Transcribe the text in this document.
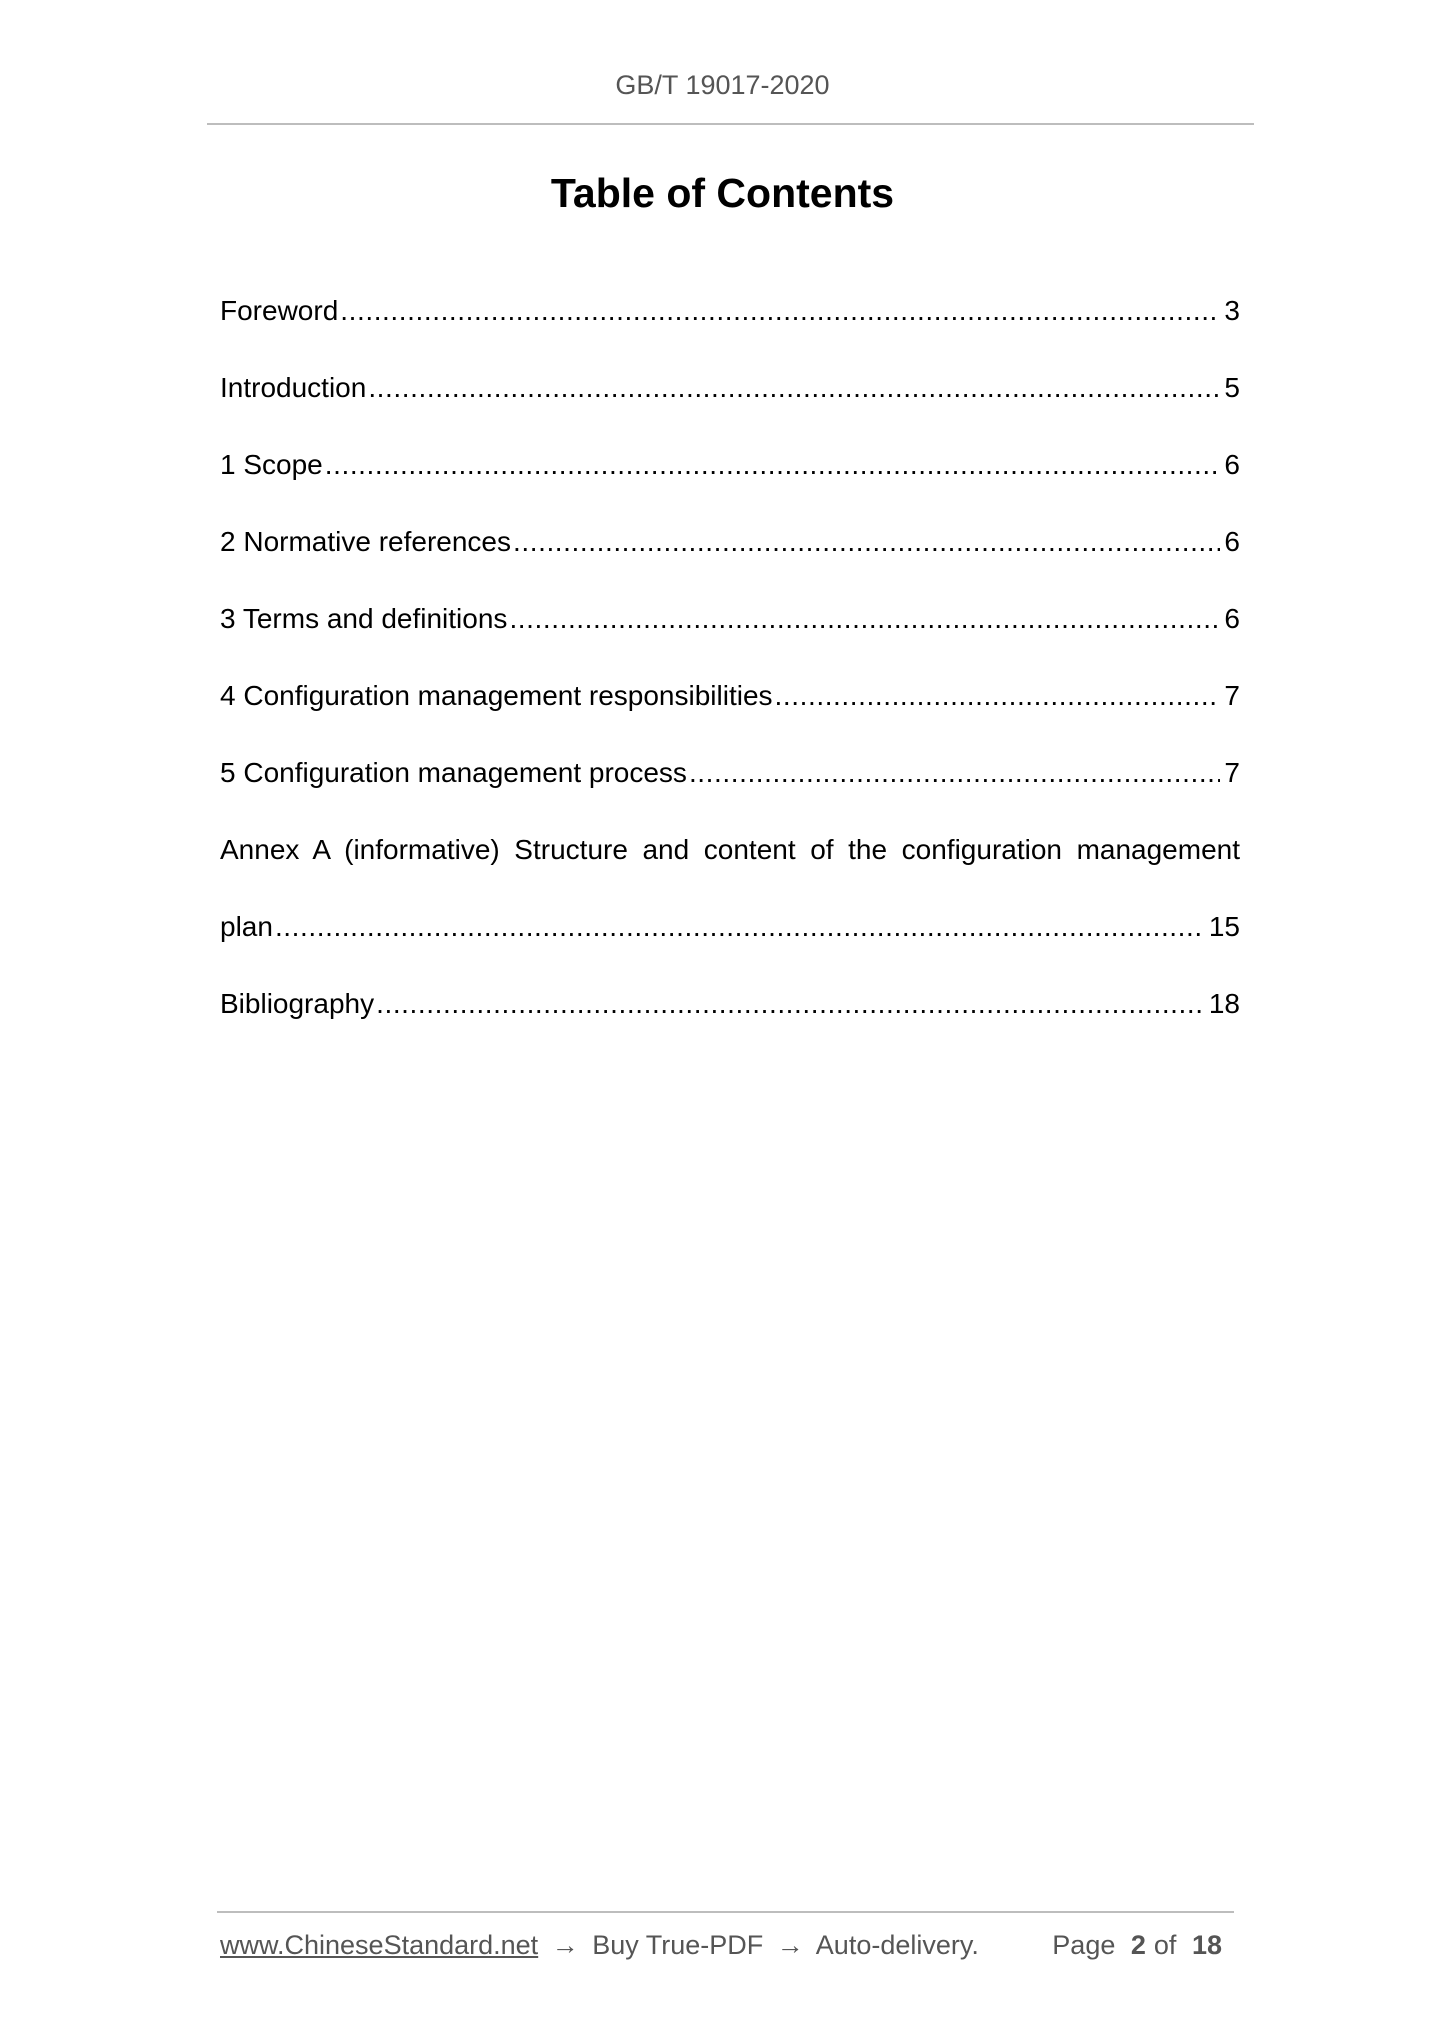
GB/T 19017-2020
Table of Contents
Foreword . . .	3
Introduction . . .	5
1 Scope . . .	6
2 Normative references . . .	6
3 Terms and definitions . . .	6
4 Configuration management responsibilities . . .	7
5 Configuration management process . . .	7
Annex A (informative) Structure and content of the configuration management
plan . . .	15
Bibliography . . .	18
www.ChineseStandard.net → Buy True-PDF → Auto-delivery.	Page 2 of 18
